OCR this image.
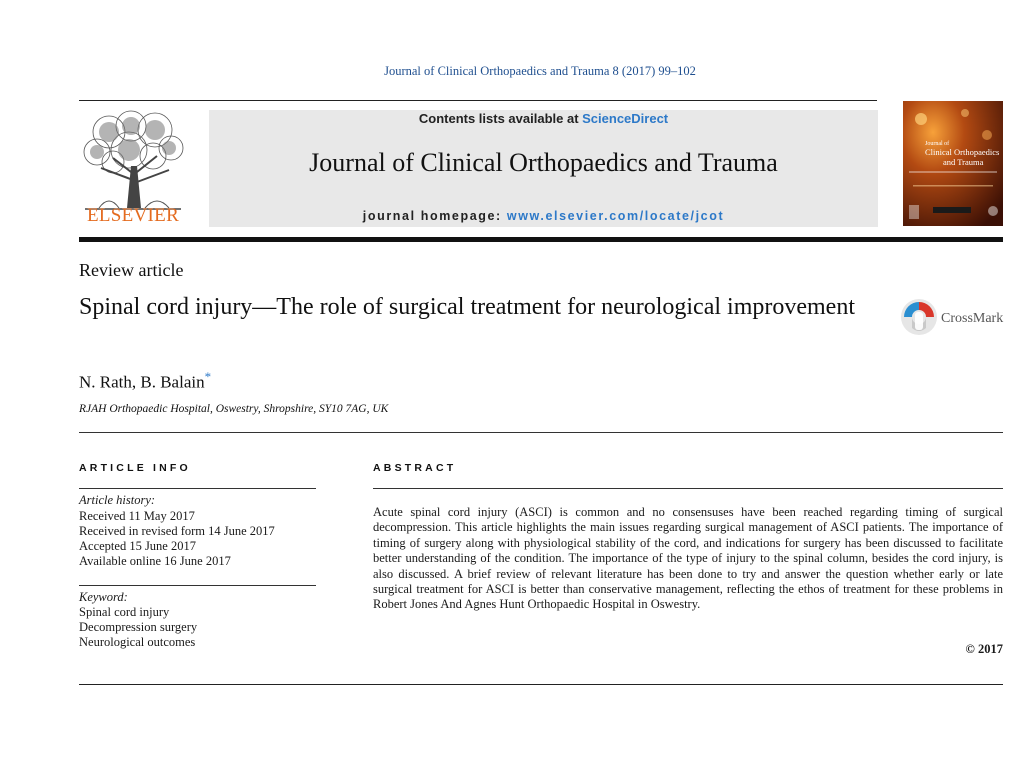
Journal of Clinical Orthopaedics and Trauma 8 (2017) 99–102
ELSEVIER
Contents lists available at ScienceDirect
Journal of Clinical Orthopaedics and Trauma
journal homepage: www.elsevier.com/locate/jcot
Journal of
Clinical Orthopaedics
and Trauma
Review article
Spinal cord injury—The role of surgical treatment for neurological improvement	CrossMark
N. Rath, B. Balain*
RJAH Orthopaedic Hospital, Oswestry, Shropshire, SY10 7AG, UK
ARTICLE INFO
Article history:
Received 11 May 2017
Received in revised form 14 June 2017
Accepted 15 June 2017
Available online 16 June 2017
Keyword:
Spinal cord injury
Decompression surgery
Neurological outcomes
ABSTRACT
Acute spinal cord injury (ASCI) is common and no consensuses have been reached regarding timing of surgical decompression. This article highlights the main issues regarding surgical management of ASCI patients. The importance of timing of surgery along with physiological stability of the cord, and indications for surgery has been discussed to facilitate better understanding of the condition. The importance of the type of injury to the spinal column, besides the cord injury, is also discussed. A brief review of relevant literature has been done to try and answer the question whether early or late surgical treatment for ASCI is better than conservative management, reflecting the ethos of treatment for these problems in Robert Jones And Agnes Hunt Orthopaedic Hospital in Oswestry.
© 2017
